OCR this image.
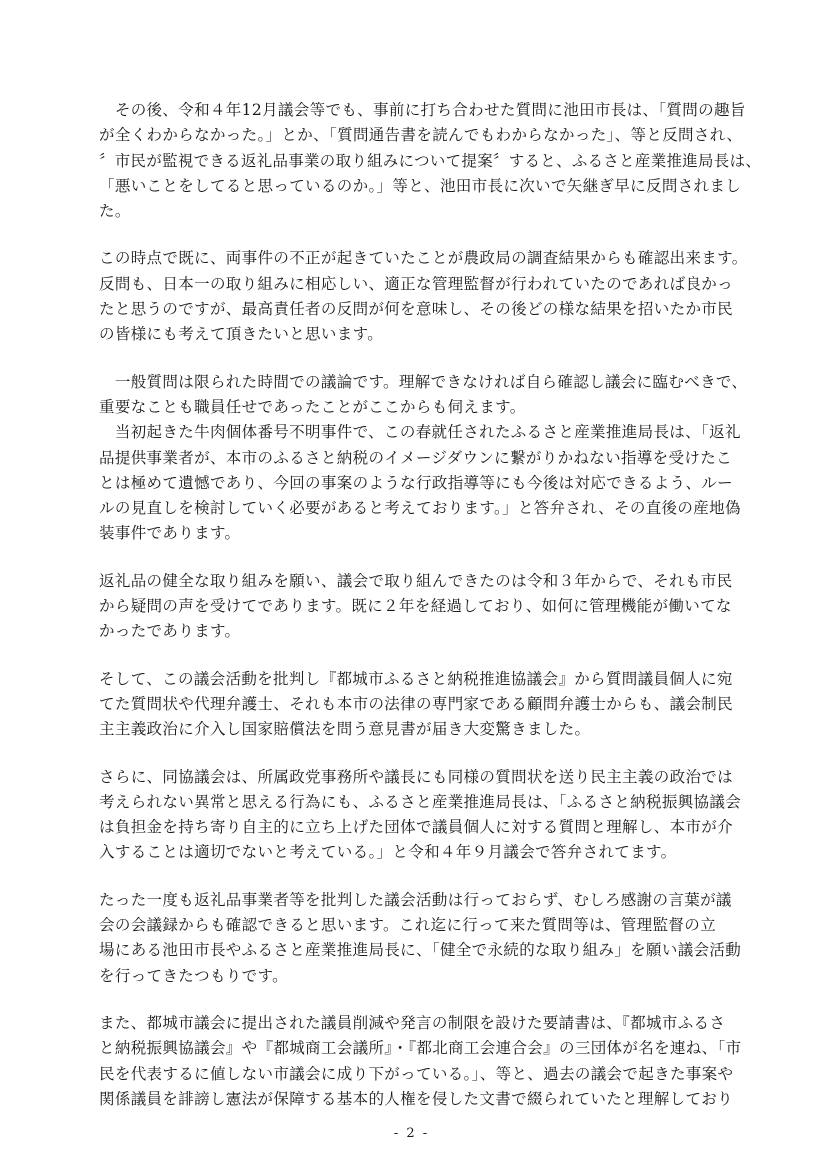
　その後、令和４年12月議会等でも、事前に打ち合わせた質問に池田市長は、「質問の趣旨
が全くわからなかった。」とか、「質問通告書を読んでもわからなかった」、等と反問され、
〞市民が監視できる返礼品事業の取り組みについて提案〞すると、ふるさと産業推進局長は、
「悪いことをしてると思っているのか。」等と、池田市長に次いで矢継ぎ早に反問されまし
た。
この時点で既に、両事件の不正が起きていたことが農政局の調査結果からも確認出来ます。
反問も、日本一の取り組みに相応しい、適正な管理監督が行われていたのであれば良かっ
たと思うのですが、最高責任者の反問が何を意味し、その後どの様な結果を招いたか市民
の皆様にも考えて頂きたいと思います。
　一般質問は限られた時間での議論です。理解できなければ自ら確認し議会に臨むべきで、
重要なことも職員任せであったことがここからも伺えます。
　当初起きた牛肉個体番号不明事件で、この春就任されたふるさと産業推進局長は、「返礼
品提供事業者が、本市のふるさと納税のイメージダウンに繋がりかねない指導を受けたこ
とは極めて遺憾であり、今回の事案のような行政指導等にも今後は対応できるよう、ルー
ルの見直しを検討していく必要があると考えております。」と答弁され、その直後の産地偽
装事件であります。
返礼品の健全な取り組みを願い、議会で取り組んできたのは令和３年からで、それも市民
から疑問の声を受けてであります。既に２年を経過しており、如何に管理機能が働いてな
かったであります。
そして、この議会活動を批判し『都城市ふるさと納税推進協議会』から質問議員個人に宛
てた質問状や代理弁護士、それも本市の法律の専門家である顧問弁護士からも、議会制民
主主義政治に介入し国家賠償法を問う意見書が届き大変驚きました。
さらに、同協議会は、所属政党事務所や議長にも同様の質問状を送り民主主義の政治では
考えられない異常と思える行為にも、ふるさと産業推進局長は、「ふるさと納税振興協議会
は負担金を持ち寄り自主的に立ち上げた団体で議員個人に対する質問と理解し、本市が介
入することは適切でないと考えている。」と令和４年９月議会で答弁されてます。
たった一度も返礼品事業者等を批判した議会活動は行っておらず、むしろ感謝の言葉が議
会の会議録からも確認できると思います。これ迄に行って来た質問等は、管理監督の立
場にある池田市長やふるさと産業推進局長に、「健全で永続的な取り組み」を願い議会活動
を行ってきたつもりです。
また、都城市議会に提出された議員削減や発言の制限を設けた要請書は、『都城市ふるさ
と納税振興協議会』や『都城商工会議所』・『都北商工会連合会』の三団体が名を連ね、「市
民を代表するに値しない市議会に成り下がっている。」、等と、過去の議会で起きた事案や
関係議員を誹謗し憲法が保障する基本的人権を侵した文書で綴られていたと理解しており
- 2 -
